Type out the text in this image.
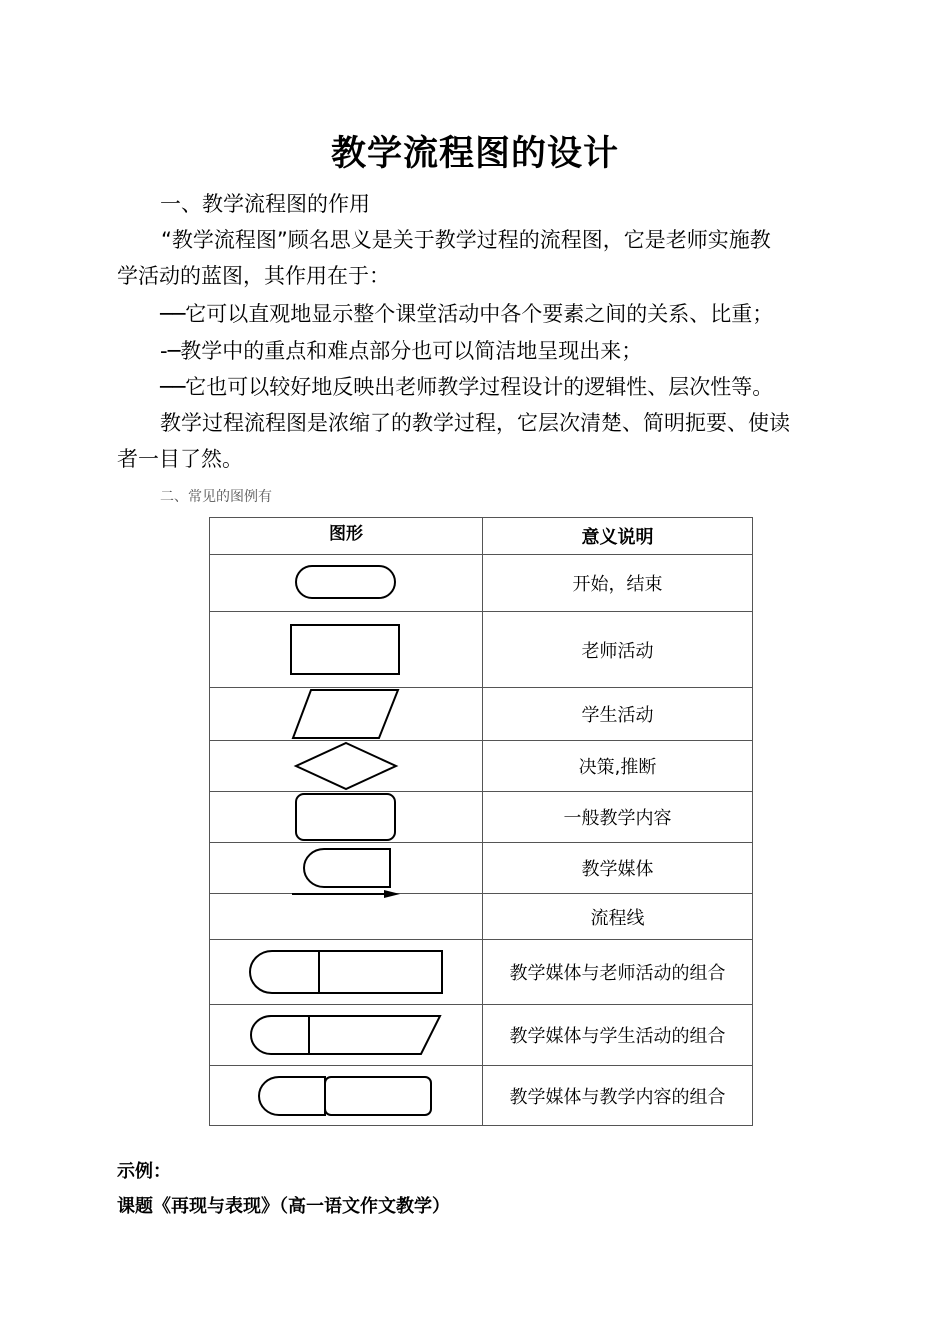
教学流程图的设计
一、教学流程图的作用
“教学流程图”顾名思义是关于教学过程的流程图，它是老师实施教
学活动的蓝图，其作用在于：
──它可以直观地显示整个课堂活动中各个要素之间的关系、比重；
-─教学中的重点和难点部分也可以简洁地呈现出来；
──它也可以较好地反映出老师教学过程设计的逻辑性、层次性等。
教学过程流程图是浓缩了的教学过程，它层次清楚、简明扼要、使读
者一目了然。
二、常见的图例有
图形	意义说明

	开始，结束

	老师活动

	学生活动

	决策,推断

	一般教学内容

	教学媒体

	流程线

	教学媒体与老师活动的组合

	教学媒体与学生活动的组合

	教学媒体与教学内容的组合
示例：
课题《再现与表现》（高一语文作文教学）
